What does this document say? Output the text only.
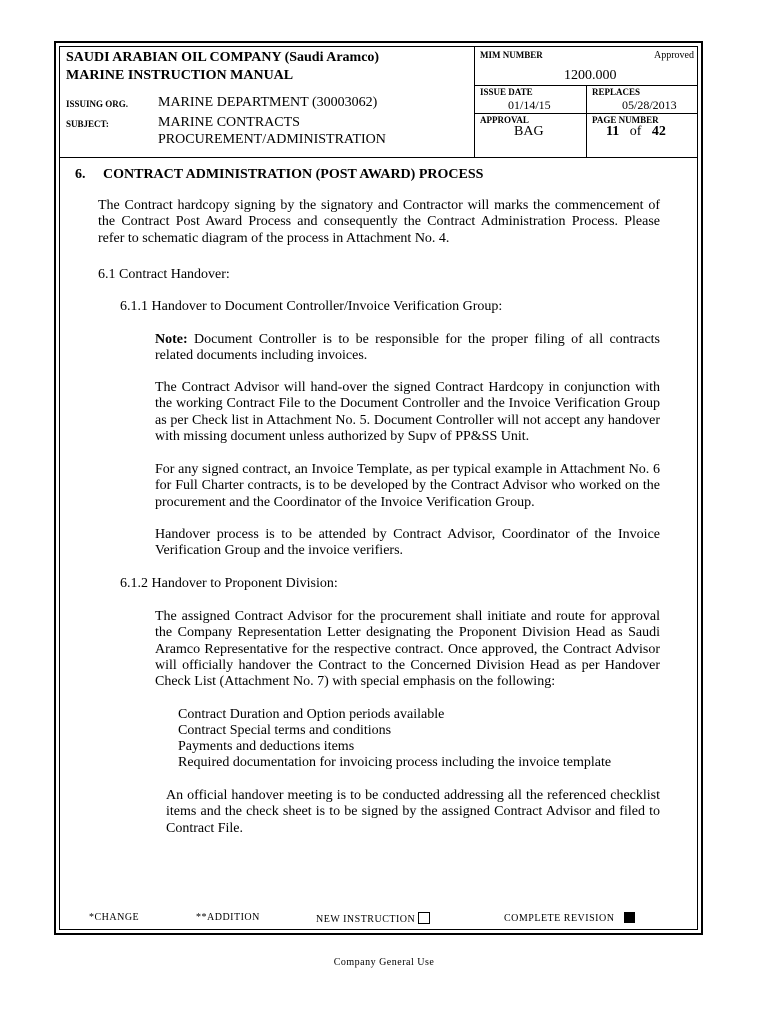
SAUDI ARABIAN OIL COMPANY (Saudi Aramco)
MARINE INSTRUCTION MANUAL
ISSUING ORG. MARINE DEPARTMENT (30003062)
SUBJECT:	MARINE CONTRACTS
PROCUREMENT/ADMINISTRATION
MIM NUMBER	Approved
1200.000
ISSUE DATE
01/14/15
REPLACES
05/28/2013
APPROVAL
BAG
PAGE NUMBER
11 of 42
6. CONTRACT ADMINISTRATION (POST AWARD) PROCESS

The Contract hardcopy signing by the signatory and Contractor will marks the commencement of the Contract Post Award Process and consequently the Contract Administration Process. Please refer to schematic diagram of the process in Attachment No. 4.

6.1 Contract Handover:
6.1.1 Handover to Document Controller/Invoice Verification Group:

Note: Document Controller is to be responsible for the proper filing of all contracts related documents including invoices.

The Contract Advisor will hand-over the signed Contract Hardcopy in conjunction with the working Contract File to the Document Controller and the Invoice Verification Group as per Check list in Attachment No. 5. Document Controller will not accept any handover with missing document unless authorized by Supv of PP&SS Unit.

For any signed contract, an Invoice Template, as per typical example in Attachment No. 6 for Full Charter contracts, is to be developed by the Contract Advisor who worked on the procurement and the Coordinator of the Invoice Verification Group.

Handover process is to be attended by Contract Advisor, Coordinator of the Invoice Verification Group and the invoice verifiers.

6.1.2 Handover to Proponent Division:

The assigned Contract Advisor for the procurement shall initiate and route for approval the Company Representation Letter designating the Proponent Division Head as Saudi Aramco Representative for the respective contract. Once approved, the Contract Advisor will officially handover the Contract to the Concerned Division Head as per Handover Check List (Attachment No. 7) with special emphasis on the following:

Contract Duration and Option periods available
Contract Special terms and conditions
Payments and deductions items
Required documentation for invoicing process including the invoice template

An official handover meeting is to be conducted addressing all the referenced checklist items and the check sheet is to be signed by the assigned Contract Advisor and filed to Contract File.

*CHANGE	**ADDITION	NEW INSTRUCTION	COMPLETE REVISION
Company General Use
